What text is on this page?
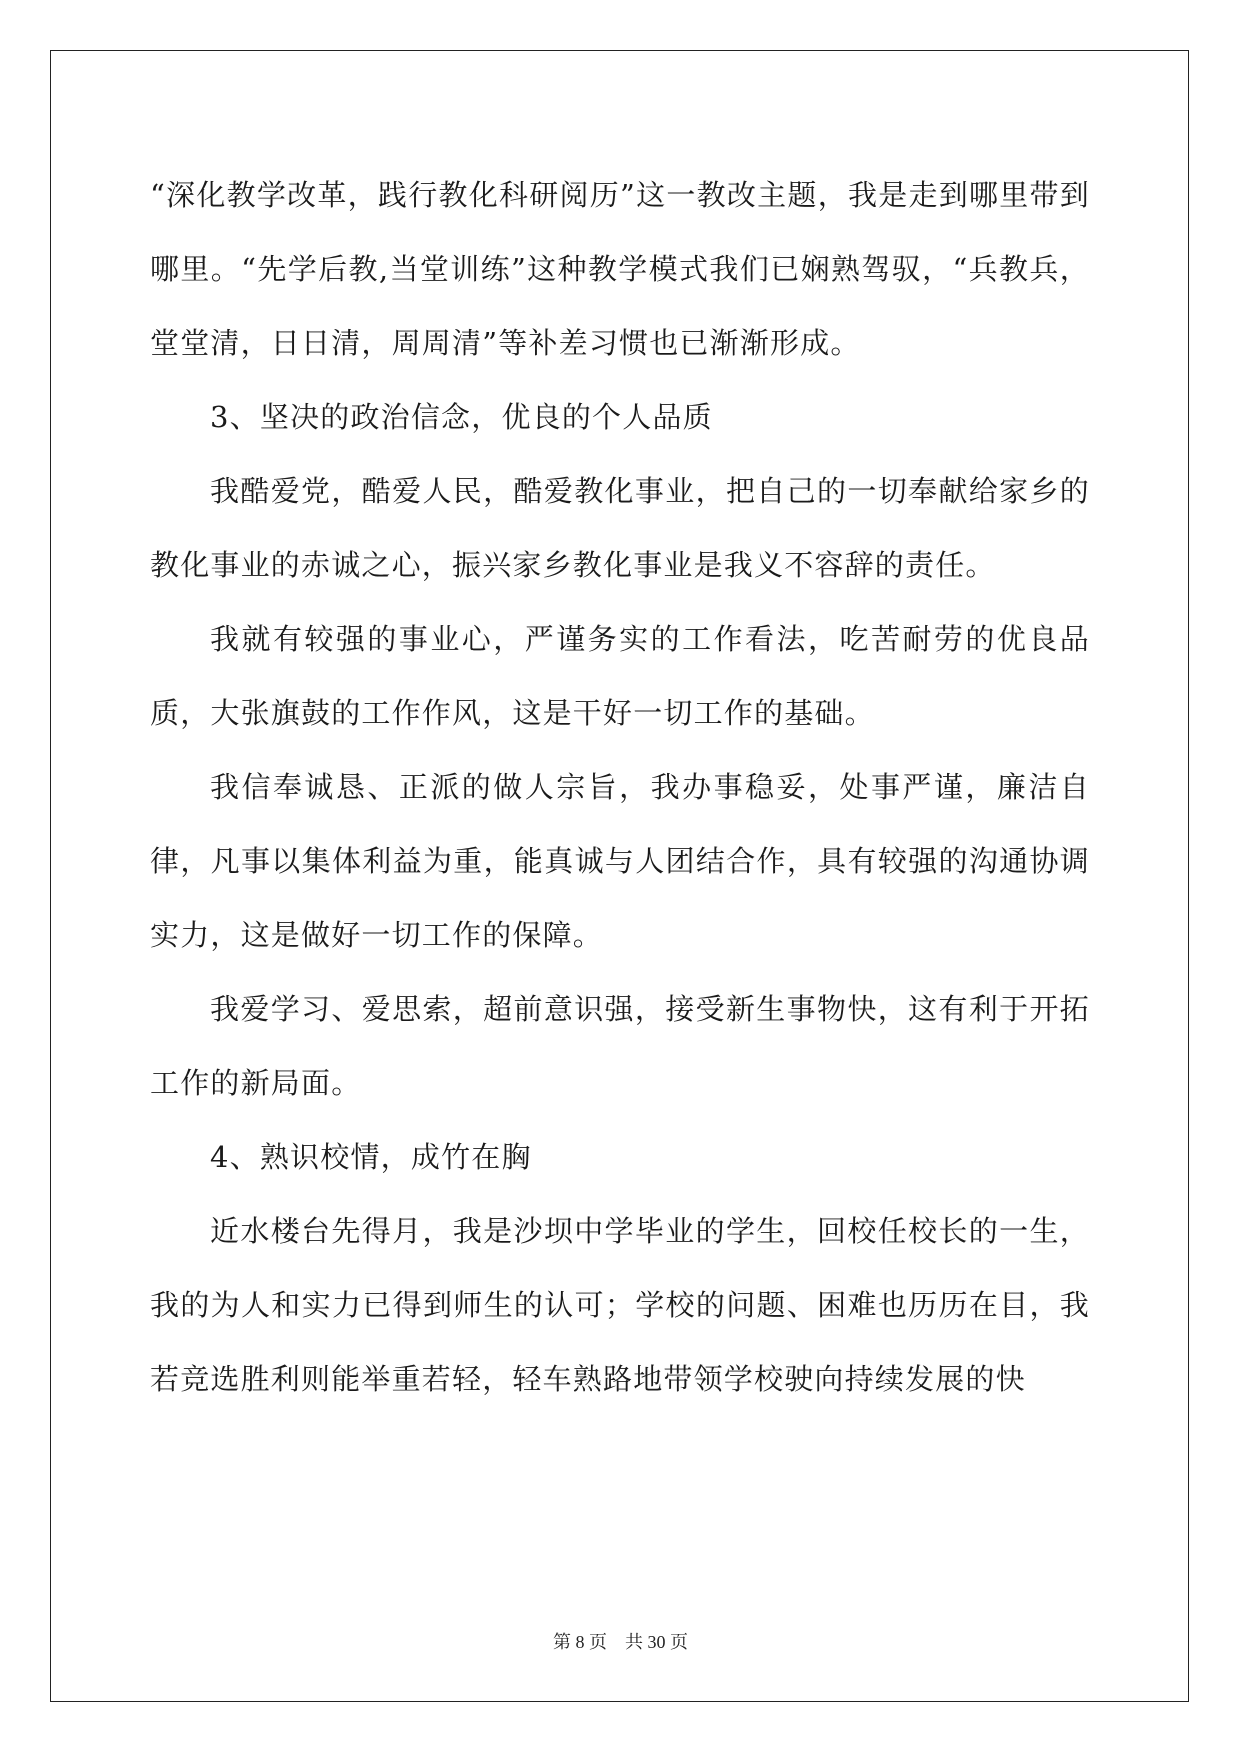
“深化教学改革，践行教化科研阅历”这一教改主题，我是走到哪里带到哪里。“先学后教,当堂训练”这种教学模式我们已娴熟驾驭，“兵教兵，堂堂清，日日清，周周清”等补差习惯也已渐渐形成。

3、坚决的政治信念，优良的个人品质

我酷爱党，酷爱人民，酷爱教化事业，把自己的一切奉献给家乡的教化事业的赤诚之心，振兴家乡教化事业是我义不容辞的责任。

我就有较强的事业心，严谨务实的工作看法，吃苦耐劳的优良品质，大张旗鼓的工作作风，这是干好一切工作的基础。

我信奉诚恳、正派的做人宗旨，我办事稳妥，处事严谨，廉洁自律，凡事以集体利益为重，能真诚与人团结合作，具有较强的沟通协调实力，这是做好一切工作的保障。

我爱学习、爱思索，超前意识强，接受新生事物快，这有利于开拓工作的新局面。

4、熟识校情，成竹在胸

近水楼台先得月，我是沙坝中学毕业的学生，回校任校长的一生，我的为人和实力已得到师生的认可；学校的问题、困难也历历在目，我若竞选胜利则能举重若轻，轻车熟路地带领学校驶向持续发展的快

第 8 页    共 30 页
